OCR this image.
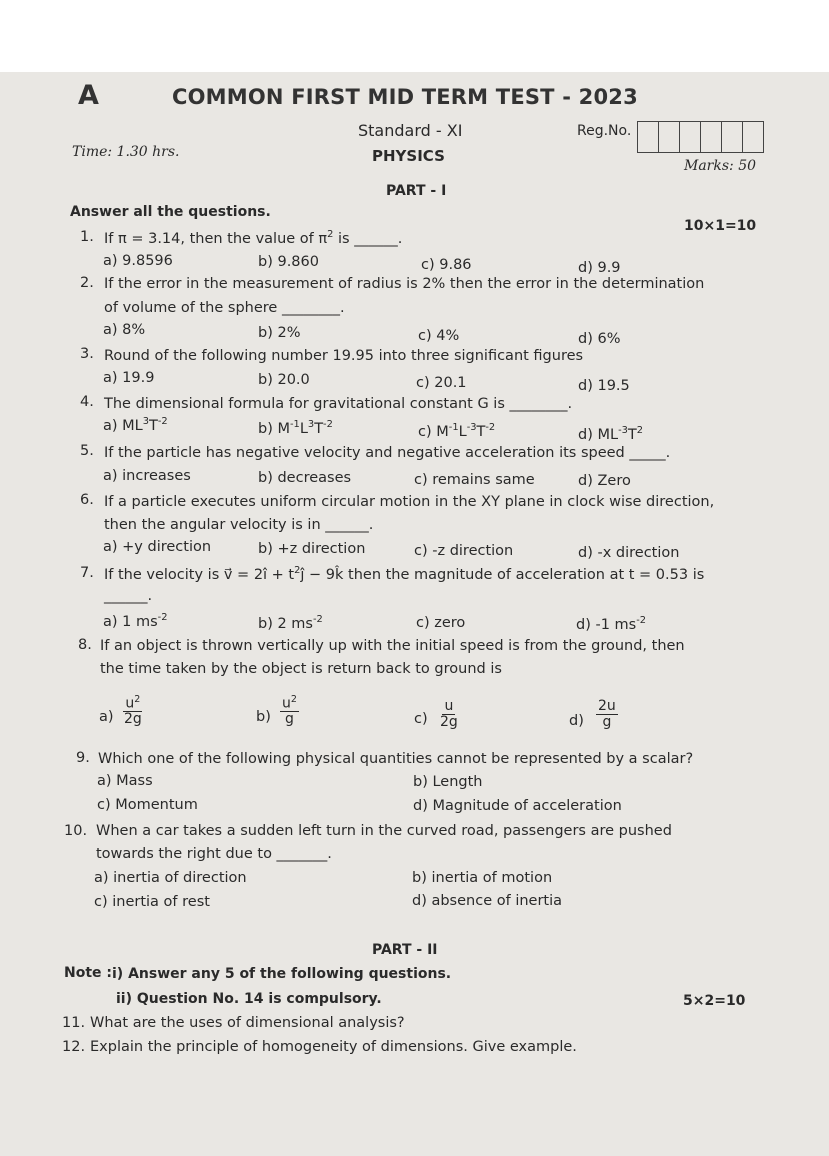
A	COMMON FIRST MID TERM TEST - 2023
Standard - XI
PHYSICS
Reg.No.
Time: 1.30 hrs.
Marks: 50
PART - I
Answer all the questions.
10×1=10
1. If π = 3.14, then the value of $\pi^2$ is ______.
a) 9.8596	b) 9.860	c) 9.86	d) 9.9
2. If the error in the measurement of radius is 2% then the error in the determination
of volume of the sphere ________.
a) 8%	b) 2%	c) 4%	d) 6%
3. Round of the following number 19.95 into three significant figures
a) 19.9	b) 20.0	c) 20.1	d) 19.5
4. The dimensional formula for gravitational constant G is ________.
a) $ML^3T^{-2}$	b) $M^{-1}L^3T^{-2}$	c) $M^{-1}L^{-3}T^{-2}$	d) $ML^{-3}T^2$
5. If the particle has negative velocity and negative acceleration its speed _____.
a) increases	b) decreases	c) remains same	d) Zero
6. If a particle executes uniform circular motion in the XY plane in clock wise direction,
then the angular velocity is in ______.
a) +y direction	b) +z direction	c) -z direction	d) -x direction
7. If the velocity is v⃗ = 2î + $t^2ĵ$ − 9k̂ then the magnitude of acceleration at t = 0.53 is
______.
a) 1 $ms^{-2}$	b) 2 $ms^{-2}$	c) zero	d) -1 $ms^{-2}$
8. If an object is thrown vertically up with the initial speed is from the ground, then
the time taken by the object is return back to ground is
$a) \frac{u^2}{2g}$	$b) \frac{u^2}{g}$	$c) \frac{u}{2g}$	$d) \frac{2u}{g}$
9. Which one of the following physical quantities cannot be represented by a scalar?
a) Mass	b) Length
c) Momentum	d) Magnitude of acceleration
10. When a car takes a sudden left turn in the curved road, passengers are pushed
towards the right due to _______.
a) inertia of direction	b) inertia of motion
c) inertia of rest	d) absence of inertia
PART - II
Note : i) Answer any 5 of the following questions.
ii) Question No. 14 is compulsory.	5×2=10
11. What are the uses of dimensional analysis?
12. Explain the principle of homogeneity of dimensions. Give example.
